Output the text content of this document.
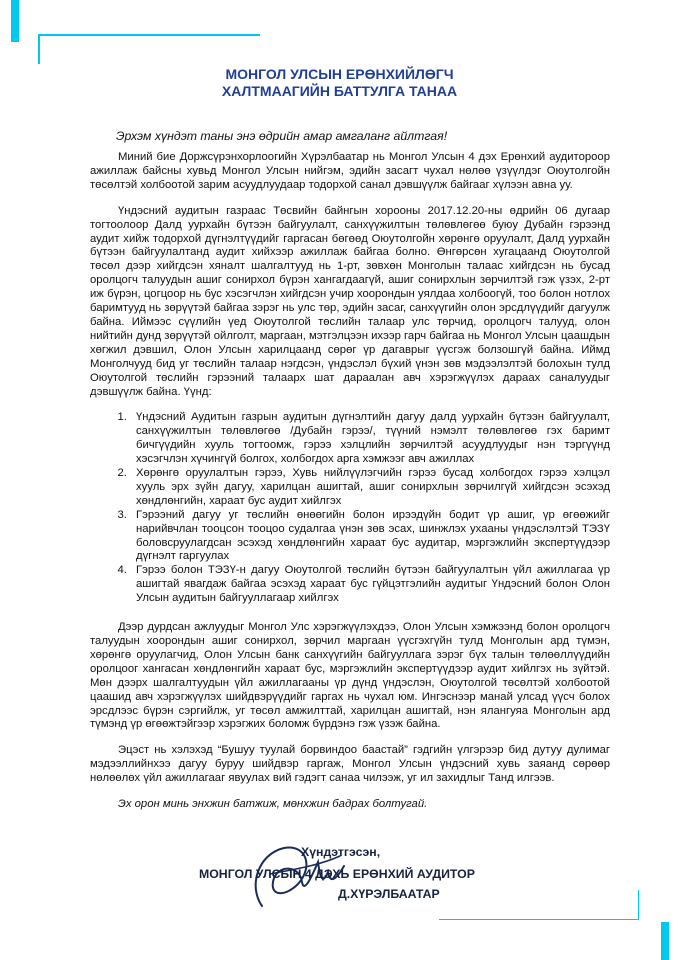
МОНГОЛ УЛСЫН ЕРӨНХИЙЛӨГЧ
ХАЛТМААГИЙН БАТТУЛГА ТАНАА
Эрхэм хүндэт таны энэ өдрийн амар амгаланг айлтгая!

Миний бие Доржсүрэнхорлоогийн Хүрэлбаатар нь Монгол Улсын 4 дэх Ерөнхий аудитороор ажиллаж байсны хувьд Монгол Улсын нийгэм, эдийн засагт чухал нөлөө үзүүлдэг Оюутолгойн төсөлтэй холбоотой зарим асуудлуудаар тодорхой санал дэвшүүлж байгааг хүлээн авна уу.

Үндэсний аудитын газраас Төсвийн байнгын хорооны 2017.12.20-ны өдрийн 06 дугаар тогтоолоор Далд уурхайн бүтээн байгуулалт, санхүүжилтын төлөвлөгөө буюу Дубайн гэрээнд аудит хийж тодорхой дүгнэлтүүдийг гаргасан бөгөөд Оюутолгойн хөрөнгө оруулалт, Далд уурхайн бүтээн байгуулалтанд аудит хийхээр ажиллаж байгаа болно. Өнгөрсөн хугацаанд Оюутолгой төсөл дээр хийгдсэн хяналт шалгалтууд нь 1-рт, зөвхөн Монголын талаас хийгдсэн нь бусад оролцогч талуудын ашиг сонирхол бүрэн хангагдаагүй, ашиг сонирхлын зөрчилтэй гэж үзэх, 2-рт иж бүрэн, цогцоор нь бус хэсэгчлэн хийгдсэн учир хоорондын уялдаа холбоогүй, тоо болон нотлох баримтууд нь зөрүүтэй байгаа зэрэг нь улс төр, эдийн засаг, санхүүгийн олон эрсдлүүдийг дагуулж байна. Иймээс сүүлийн үед Оюутолгой төслийн талаар улс төрчид, оролцогч талууд, олон нийтийн дунд зөрүүтэй ойлголт, маргаан, мэтгэлцээн ихээр гарч байгаа нь Монгол Улсын цаашдын хөгжил дэвшил, Олон Улсын харилцаанд сөрөг үр дагаврыг үүсгэж болзошгүй байна. Иймд Монголчууд бид уг төслийн талаар нэгдсэн, үндэслэл бүхий үнэн зөв мэдээлэлтэй болохын тулд Оюутолгой төслийн гэрээний талаарх шат дараалан авч хэрэгжүүлэх дараах саналуудыг дэвшүүлж байна. Үүнд:

1. Үндэсний Аудитын газрын аудитын дүгнэлтийн дагуу далд уурхайн бүтээн байгуулалт, санхүүжилтын төлөвлөгөө /Дубайн гэрээ/, түүний нэмэлт төлөвлөгөө гэх баримт бичгүүдийн хууль тогтоомж, гэрээ хэлцлийн зөрчилтэй асуудлуудыг нэн тэргүүнд хэсэгчлэн хүчингүй болгох, холбогдох арга хэмжээг авч ажиллах
2. Хөрөнгө оруулалтын гэрээ, Хувь нийлүүлэгчийн гэрээ бусад холбогдох гэрээ хэлцэл хууль эрх зүйн дагуу, харилцан ашигтай, ашиг сонирхлын зөрчилгүй хийгдсэн эсэхэд хөндлөнгийн, хараат бус аудит хийлгэх
3. Гэрээний дагуу уг төслийн өнөөгийн болон ирээдүйн бодит үр ашиг, үр өгөөжийг нарийвчлан тооцсон тооцоо судалгаа үнэн зөв эсах, шинжлэх ухааны үндэслэлтэй ТЭЗҮ боловсруулагдсан эсэхэд хөндлөнгийн хараат бус аудитар, мэргэжлийн экспертүүдээр дүгнэлт гаргуулах
4. Гэрээ болон ТЭЗҮ-н дагуу Оюутолгой төслийн бүтээн байгуулалтын үйл ажиллагаа үр ашигтай явагдаж байгаа эсэхэд хараат бус гүйцэтгэлийн аудитыг Үндэсний болон Олон Улсын аудитын байгууллагаар хийлгэх

Дээр дурдсан ажлуудыг Монгол Улс хэрэгжүүлэхдээ, Олон Улсын хэмжээнд болон оролцогч талуудын хоорондын ашиг сонирхол, зөрчил маргаан үүсгэхгүйн тулд Монголын ард түмэн, хөрөнгө оруулагчид, Олон Улсын банк санхүүгийн байгууллага зэрэг бүх талын төлөөллүүдийн оролцоог хангасан хөндлөнгийн хараат бус, мэргэжлийн экспертүүдээр аудит хийлгэх нь зүйтэй. Мөн дээрх шалгалтуудын үйл ажиллагааны үр дүнд үндэслэн, Оюутолгой төсөлтэй холбоотой цаашид авч хэрэгжүүлэх шийдвэрүүдийг гаргах нь чухал юм. Ингэснээр манай улсад үүсч болох эрсдлээс бүрэн сэргийлж, уг төсөл амжилттай, харилцан ашигтай, нэн ялангуяа Монголын ард түмэнд үр өгөөжтэйгээр хэрэгжих боломж бүрдэнэ гэж үзэж байна.

Эцэст нь хэлэхэд “Бушуу туулай борвиндоо баастай” гэдгийн үлгэрээр бид дутуу дулимаг мэдээллийнхээ дагуу буруу шийдвэр гаргаж, Монгол Улсын үндэсний хувь заяанд сөрөөр нөлөөлөх үйл ажиллагааг явуулах вий гэдэгт санаа чилээж, уг ил захидлыг Танд илгээв.

Эх орон минь энхжин батжиж, мөнхжин бадрах болтугай.

Хүндэтгэсэн,
МОНГОЛ УЛСЫН 4 ДЭХЬ ЕРӨНХИЙ АУДИТОР
Д.ХҮРЭЛБААТАР
